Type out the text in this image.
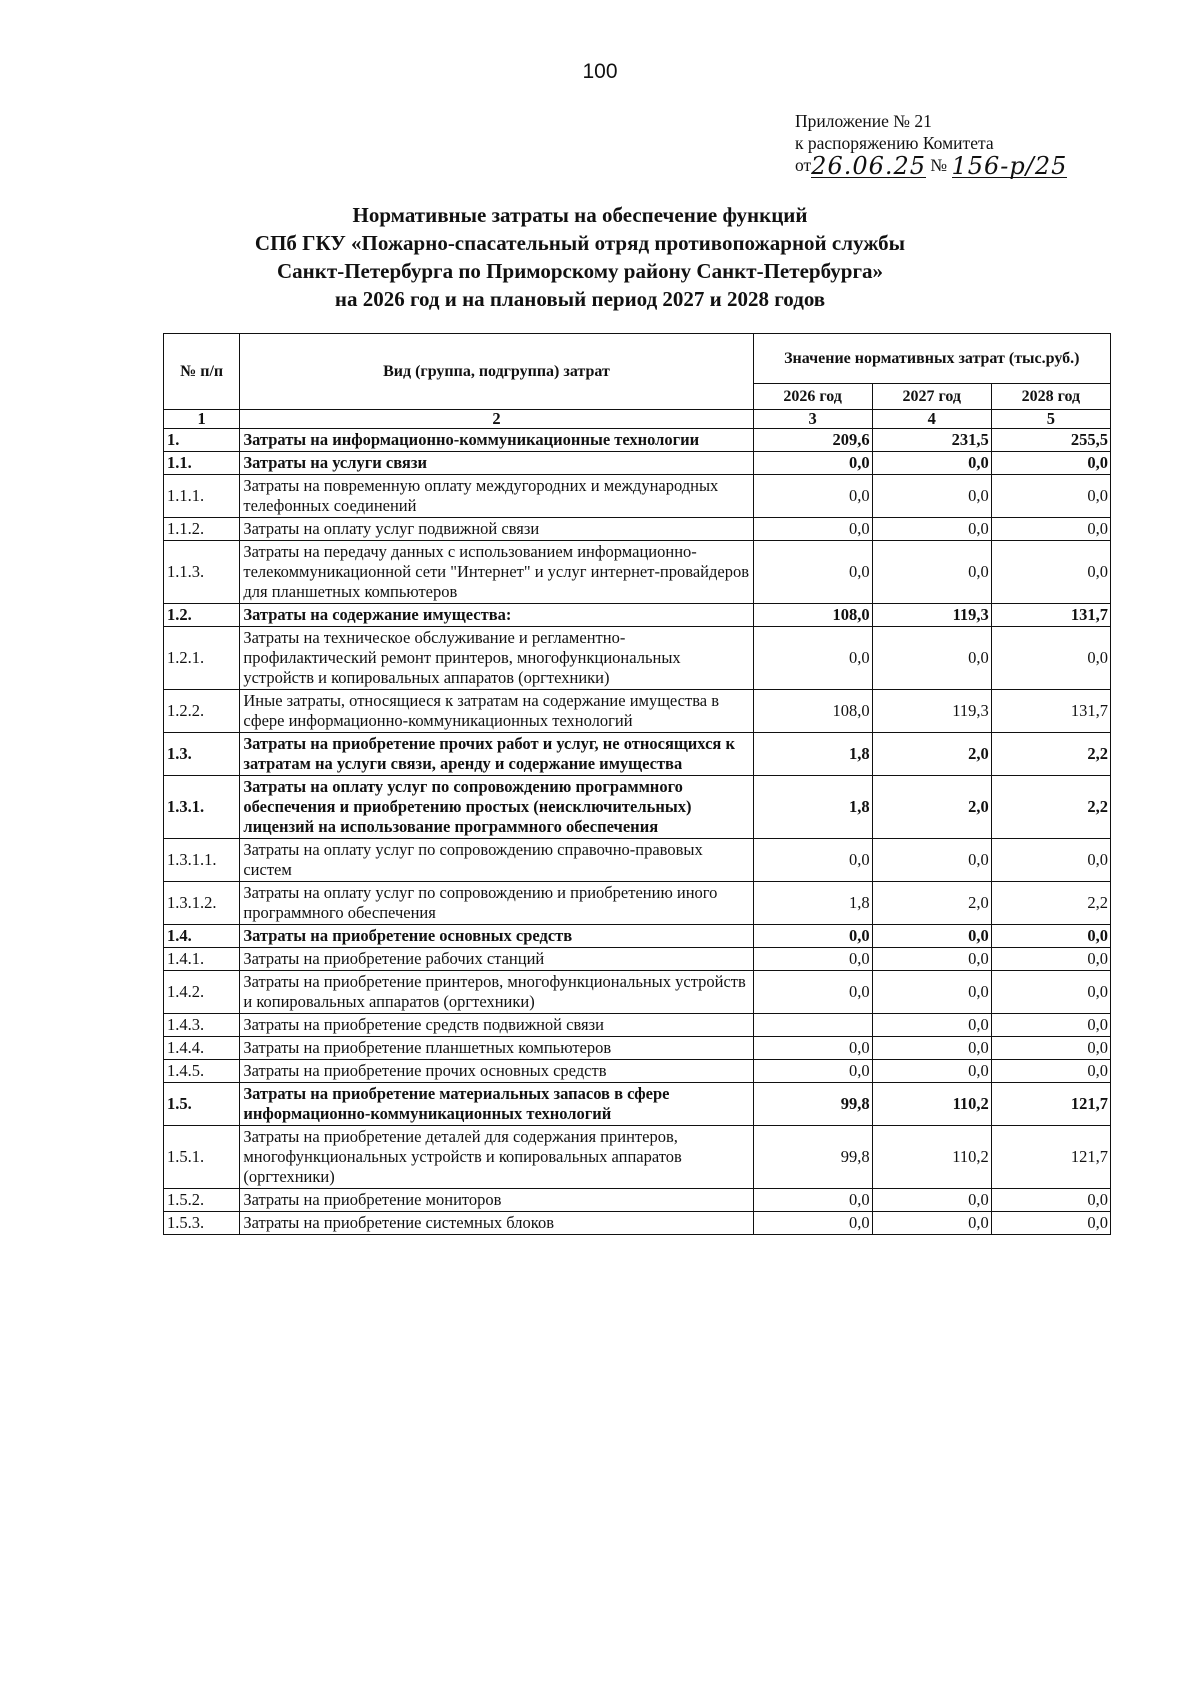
100
Приложение № 21
к распоряжению Комитета
от26.06.25 № 156-р/25
Нормативные затраты на обеспечение функций
СПб ГКУ «Пожарно-спасательный отряд противопожарной службы
Санкт-Петербурга по Приморскому району Санкт-Петербурга»
на 2026 год и на плановый период 2027 и 2028 годов
№ п/п	Вид (группа, подгруппа) затрат	Значение нормативных затрат (тыс.руб.)		
		2026 год	2027 год	2028 год
1	2	3	4	5
1.	Затраты на информационно-коммуникационные технологии	209,6	231,5	255,5
1.1.	Затраты на услуги связи	0,0	0,0	0,0
1.1.1.	Затраты на повременную оплату междугородних и международных телефонных соединений	0,0	0,0	0,0
1.1.2.	Затраты на оплату услуг подвижной связи	0,0	0,0	0,0
1.1.3.	Затраты на передачу данных с использованием информационно-телекоммуникационной сети "Интернет" и услуг интернет-провайдеров для планшетных компьютеров	0,0	0,0	0,0
1.2.	Затраты на содержание имущества:	108,0	119,3	131,7
1.2.1.	Затраты на техническое обслуживание и регламентно-профилактический ремонт принтеров, многофункциональных устройств и копировальных аппаратов (оргтехники)	0,0	0,0	0,0
1.2.2.	Иные затраты, относящиеся к затратам на содержание имущества в сфере информационно-коммуникационных технологий	108,0	119,3	131,7
1.3.	Затраты на приобретение прочих работ и услуг, не относящихся к затратам на услуги связи, аренду и содержание имущества	1,8	2,0	2,2
1.3.1.	Затраты на оплату услуг по сопровождению программного обеспечения и приобретению простых (неисключительных) лицензий на использование программного обеспечения	1,8	2,0	2,2
1.3.1.1.	Затраты на оплату услуг по сопровождению справочно-правовых систем	0,0	0,0	0,0
1.3.1.2.	Затраты на оплату услуг по сопровождению и приобретению иного программного обеспечения	1,8	2,0	2,2
1.4.	Затраты на приобретение основных средств	0,0	0,0	0,0
1.4.1.	Затраты на приобретение рабочих станций	0,0	0,0	0,0
1.4.2.	Затраты на приобретение принтеров, многофункциональных устройств и копировальных аппаратов (оргтехники)	0,0	0,0	0,0
1.4.3.	Затраты на приобретение средств подвижной связи		0,0	0,0
1.4.4.	Затраты на приобретение планшетных компьютеров	0,0	0,0	0,0
1.4.5.	Затраты на приобретение прочих основных средств	0,0	0,0	0,0
1.5.	Затраты на приобретение материальных запасов в сфере информационно-коммуникационных технологий	99,8	110,2	121,7
1.5.1.	Затраты на приобретение деталей для содержания принтеров, многофункциональных устройств и копировальных аппаратов (оргтехники)	99,8	110,2	121,7
1.5.2.	Затраты на приобретение мониторов	0,0	0,0	0,0
1.5.3.	Затраты на приобретение системных блоков	0,0	0,0	0,0
